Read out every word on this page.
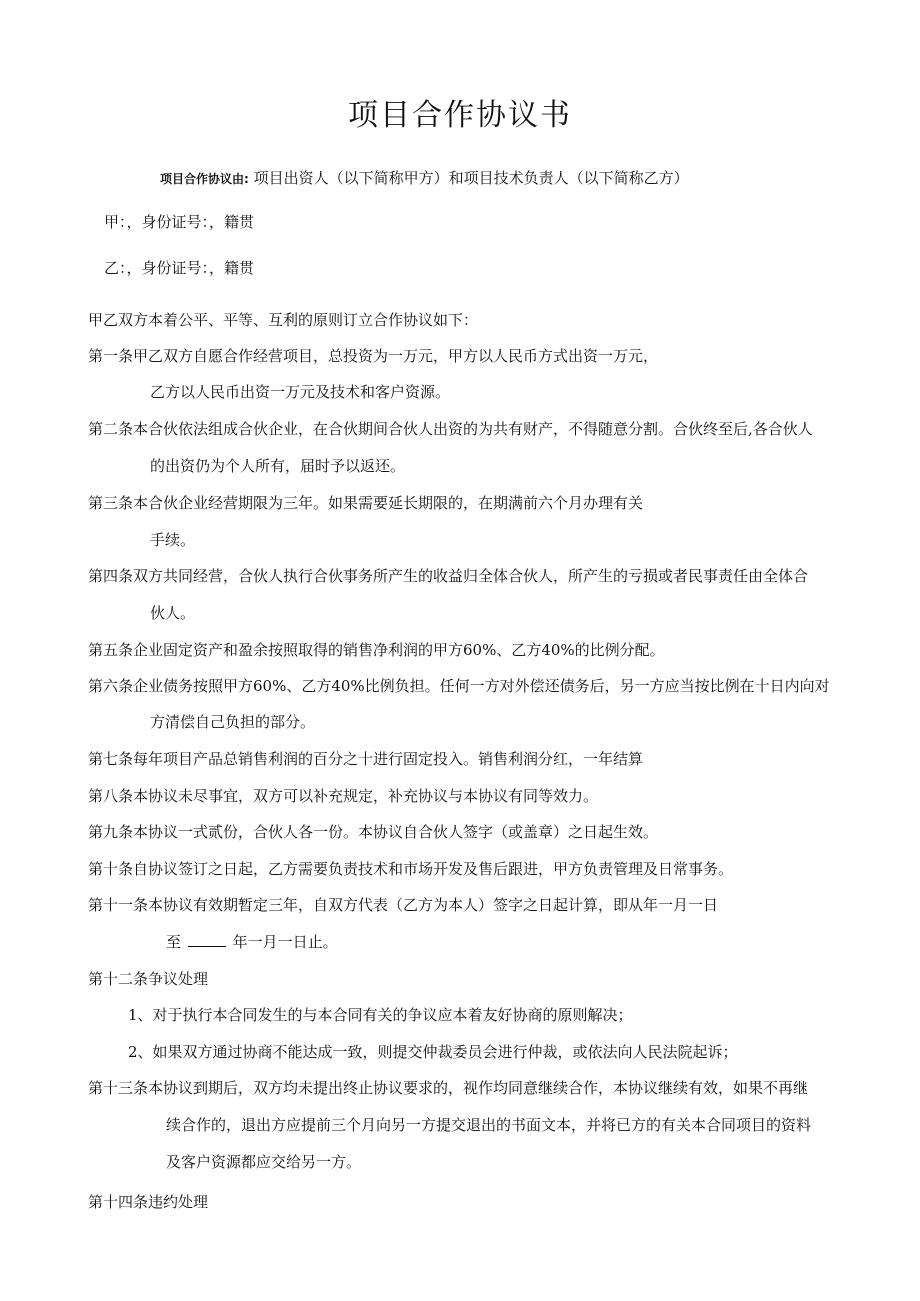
项目合作协议书
项目合作协议由: 项目出资人（以下简称甲方）和项目技术负责人（以下简称乙方）
甲：，身份证号：，籍贯
乙：，身份证号：，籍贯
甲乙双方本着公平、平等、互利的原则订立合作协议如下：
第一条甲乙双方自愿合作经营项目，总投资为一万元，甲方以人民币方式出资一万元，
乙方以人民币出资一万元及技术和客户资源。
第二条本合伙依法组成合伙企业，在合伙期间合伙人出资的为共有财产，不得随意分割。合伙终至后,各合伙人
的出资仍为个人所有，届时予以返还。
第三条本合伙企业经营期限为三年。如果需要延长期限的，在期满前六个月办理有关
手续。
第四条双方共同经营，合伙人执行合伙事务所产生的收益归全体合伙人，所产生的亏损或者民事责任由全体合
伙人。
第五条企业固定资产和盈余按照取得的销售净利润的甲方60%、乙方40%的比例分配。
第六条企业债务按照甲方60%、乙方40%比例负担。任何一方对外偿还债务后，另一方应当按比例在十日内向对
方清偿自己负担的部分。
第七条每年项目产品总销售利润的百分之十进行固定投入。销售利润分红，一年结算
第八条本协议未尽事宜，双方可以补充规定，补充协议与本协议有同等效力。
第九条本协议一式贰份，合伙人各一份。本协议自合伙人签字（或盖章）之日起生效。
第十条自协议签订之日起，乙方需要负责技术和市场开发及售后跟进，甲方负责管理及日常事务。
第十一条本协议有效期暂定三年，自双方代表（乙方为本人）签字之日起计算，即从年一月一日
至	年一月一日止。
第十二条争议处理
1、对于执行本合同发生的与本合同有关的争议应本着友好协商的原则解决；
2、如果双方通过协商不能达成一致，则提交仲裁委员会进行仲裁，或依法向人民法院起诉；
第十三条本协议到期后，双方均未提出终止协议要求的，视作均同意继续合作，本协议继续有效，如果不再继
续合作的，退出方应提前三个月向另一方提交退出的书面文本，并将已方的有关本合同项目的资料
及客户资源都应交给另一方。
第十四条违约处理
